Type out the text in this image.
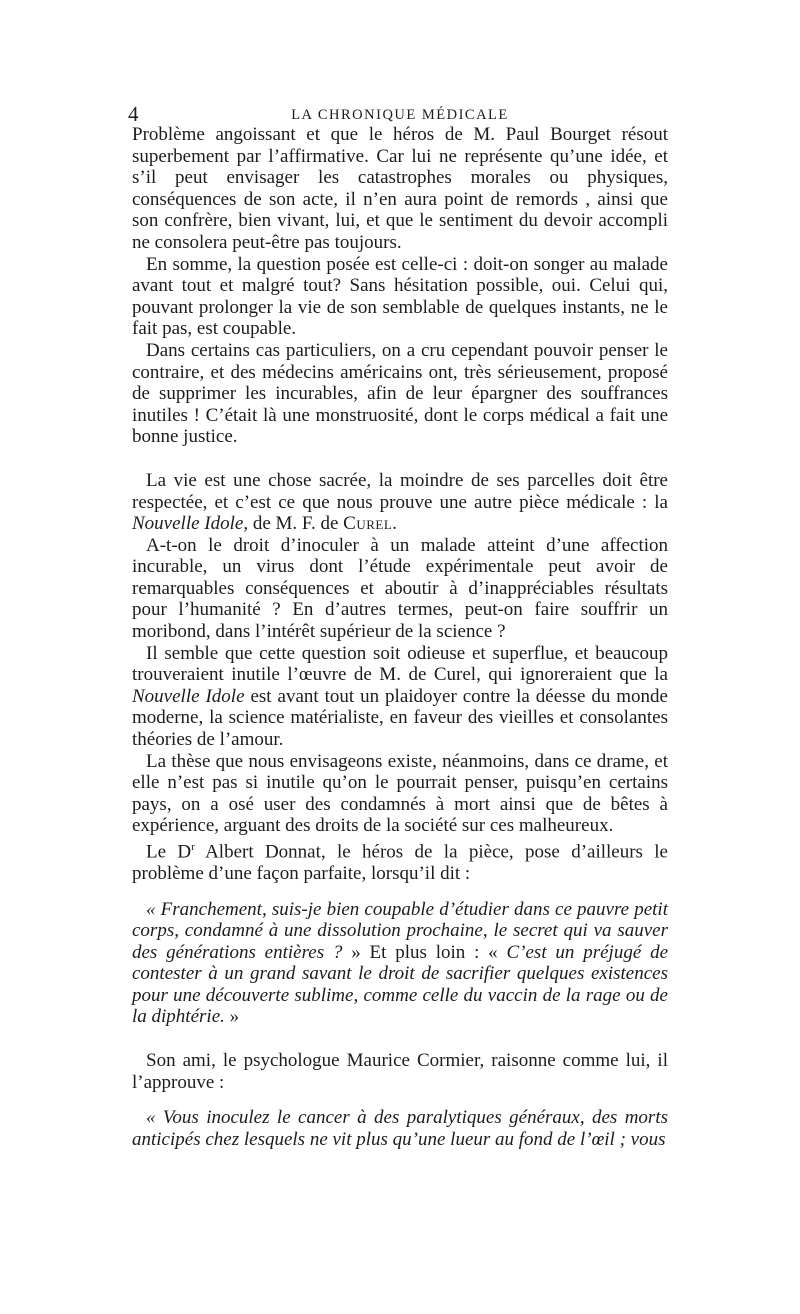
4	LA CHRONIQUE MÉDICALE

Problème angoissant et que le héros de M. Paul Bourget résout superbement par l’affirmative. Car lui ne représente qu’une idée, et s’il peut envisager les catastrophes morales ou physiques, conséquences de son acte, il n’en aura point de remords , ainsi que son confrère, bien vivant, lui, et que le sentiment du devoir accompli ne consolera peut-être pas toujours.

En somme, la question posée est celle-ci : doit-on songer au malade avant tout et malgré tout? Sans hésitation possible, oui. Celui qui, pouvant prolonger la vie de son semblable de quelques instants, ne le fait pas, est coupable.

Dans certains cas particuliers, on a cru cependant pouvoir penser le contraire, et des médecins américains ont, très sérieusement, proposé de supprimer les incurables, afin de leur épargner des souffrances inutiles ! C’était là une monstruosité, dont le corps médical a fait une bonne justice.

La vie est une chose sacrée, la moindre de ses parcelles doit être respectée, et c’est ce que nous prouve une autre pièce médicale : la Nouvelle Idole, de M. F. de Curel.

A-t-on le droit d’inoculer à un malade atteint d’une affection incurable, un virus dont l’étude expérimentale peut avoir de remarquables conséquences et aboutir à d’inappréciables résultats pour l’humanité ? En d’autres termes, peut-on faire souffrir un moribond, dans l’intérêt supérieur de la science ?

Il semble que cette question soit odieuse et superflue, et beaucoup trouveraient inutile l’œuvre de M. de Curel, qui ignoreraient que la Nouvelle Idole est avant tout un plaidoyer contre la déesse du monde moderne, la science matérialiste, en faveur des vieilles et consolantes théories de l’amour.

La thèse que nous envisageons existe, néanmoins, dans ce drame, et elle n’est pas si inutile qu’on le pourrait penser, puisqu’en certains pays, on a osé user des condamnés à mort ainsi que de bêtes à expérience, arguant des droits de la société sur ces malheureux.

Le $D^r$ Albert Donnat, le héros de la pièce, pose d’ailleurs le problème d’une façon parfaite, lorsqu’il dit :

« Franchement, suis-je bien coupable d’étudier dans ce pauvre petit corps, condamné à une dissolution prochaine, le secret qui va sauver des générations entières ? » Et plus loin : « C’est un préjugé de contester à un grand savant le droit de sacrifier quelques existences pour une découverte sublime, comme celle du vaccin de la rage ou de la diphtérie. »

Son ami, le psychologue Maurice Cormier, raisonne comme lui, il l’approuve :

« Vous inoculez le cancer à des paralytiques généraux, des morts anticipés chez lesquels ne vit plus qu’une lueur au fond de l’œil ; vous
